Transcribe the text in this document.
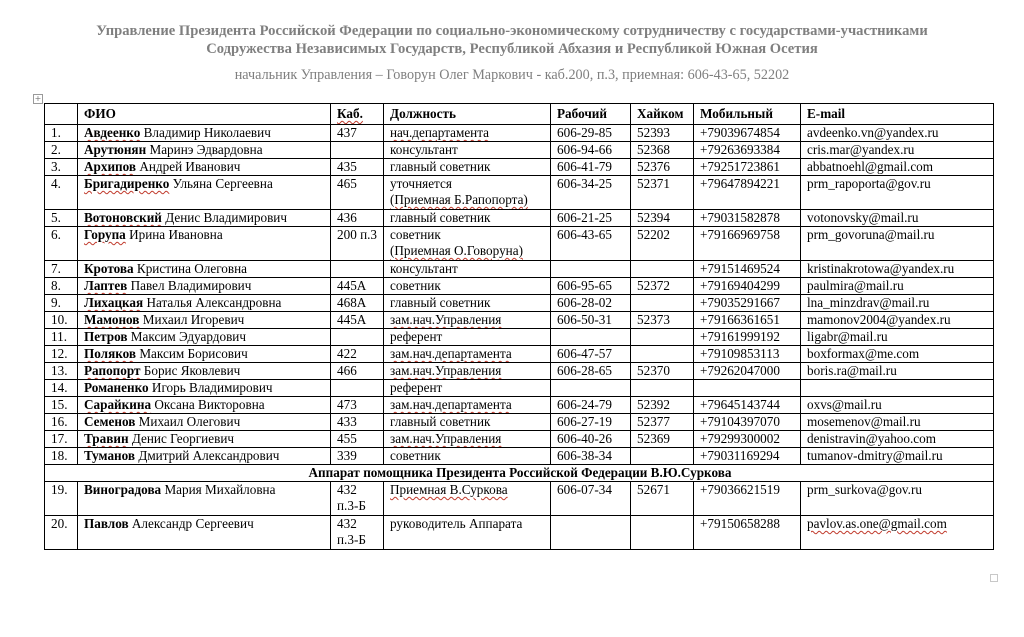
Управление Президента Российской Федерации по социально-экономическому сотрудничеству с государствами-участниками
Содружества Независимых Государств, Республикой Абхазия и Республикой Южная Осетия
начальник Управления – Говорун Олег Маркович - каб.200, п.3, приемная: 606-43-65, 52202
+
	ФИО	Каб.	Должность	Рабочий	Хайком	Мобильный	E-mail
1.	Авдеенко Владимир Николаевич	437	нач.департамента	606-29-85	52393	+79039674854	avdeenko.vn@yandex.ru
2.	Арутюнян Маринэ Эдвардовна		консультант	606-94-66	52368	+79263693384	cris.mar@yandex.ru
3.	Архипов Андрей Иванович	435	главный советник	606-41-79	52376	+79251723861	abbatnoehl@gmail.com
4.	Бригадиренко Ульяна Сергеевна	465	уточняется
(Приемная Б.Рапопорта)	606-34-25	52371	+79647894221	prm_rapoporta@gov.ru
5.	Вотоновский Денис Владимирович	436	главный советник	606-21-25	52394	+79031582878	votonovsky@mail.ru
6.	Горупа Ирина Ивановна	200 п.3	советник
(Приемная О.Говоруна)	606-43-65	52202	+79166969758	prm_govoruna@mail.ru
7.	Кротова Кристина Олеговна		консультант			+79151469524	kristinakrotowa@yandex.ru
8.	Лаптев Павел Владимирович	445А	советник	606-95-65	52372	+79169404299	paulmira@mail.ru
9.	Лихацкая Наталья Александровна	468А	главный советник	606-28-02		+79035291667	lna_minzdrav@mail.ru
10.	Мамонов Михаил Игоревич	445А	зам.нач.Управления	606-50-31	52373	+79166361651	mamonov2004@yandex.ru
11.	Петров Максим Эдуардович		референт			+79161999192	ligabr@mail.ru
12.	Поляков Максим Борисович	422	зам.нач.департамента	606-47-57		+79109853113	boxformax@me.com
13.	Рапопорт Борис Яковлевич	466	зам.нач.Управления	606-28-65	52370	+79262047000	boris.ra@mail.ru
14.	Романенко Игорь Владимирович		референт				
15.	Сарайкина Оксана Викторовна	473	зам.нач.департамента	606-24-79	52392	+79645143744	oxvs@mail.ru
16.	Семенов Михаил Олегович	433	главный советник	606-27-19	52377	+79104397070	mosemenov@mail.ru
17.	Травин Денис Георгиевич	455	зам.нач.Управления	606-40-26	52369	+79299300002	denistravin@yahoo.com
18.	Туманов Дмитрий Александрович	339	советник	606-38-34		+79031169294	tumanov-dmitry@mail.ru
Аппарат помощника Президента Российской Федерации В.Ю.Суркова							
19.	Виноградова Мария Михайловна	432
п.3-Б	Приемная В.Суркова	606-07-34	52671	+79036621519	prm_surkova@gov.ru
20.	Павлов Александр Сергеевич	432
п.3-Б	руководитель Аппарата			+79150658288	pavlov.as.one@gmail.com
